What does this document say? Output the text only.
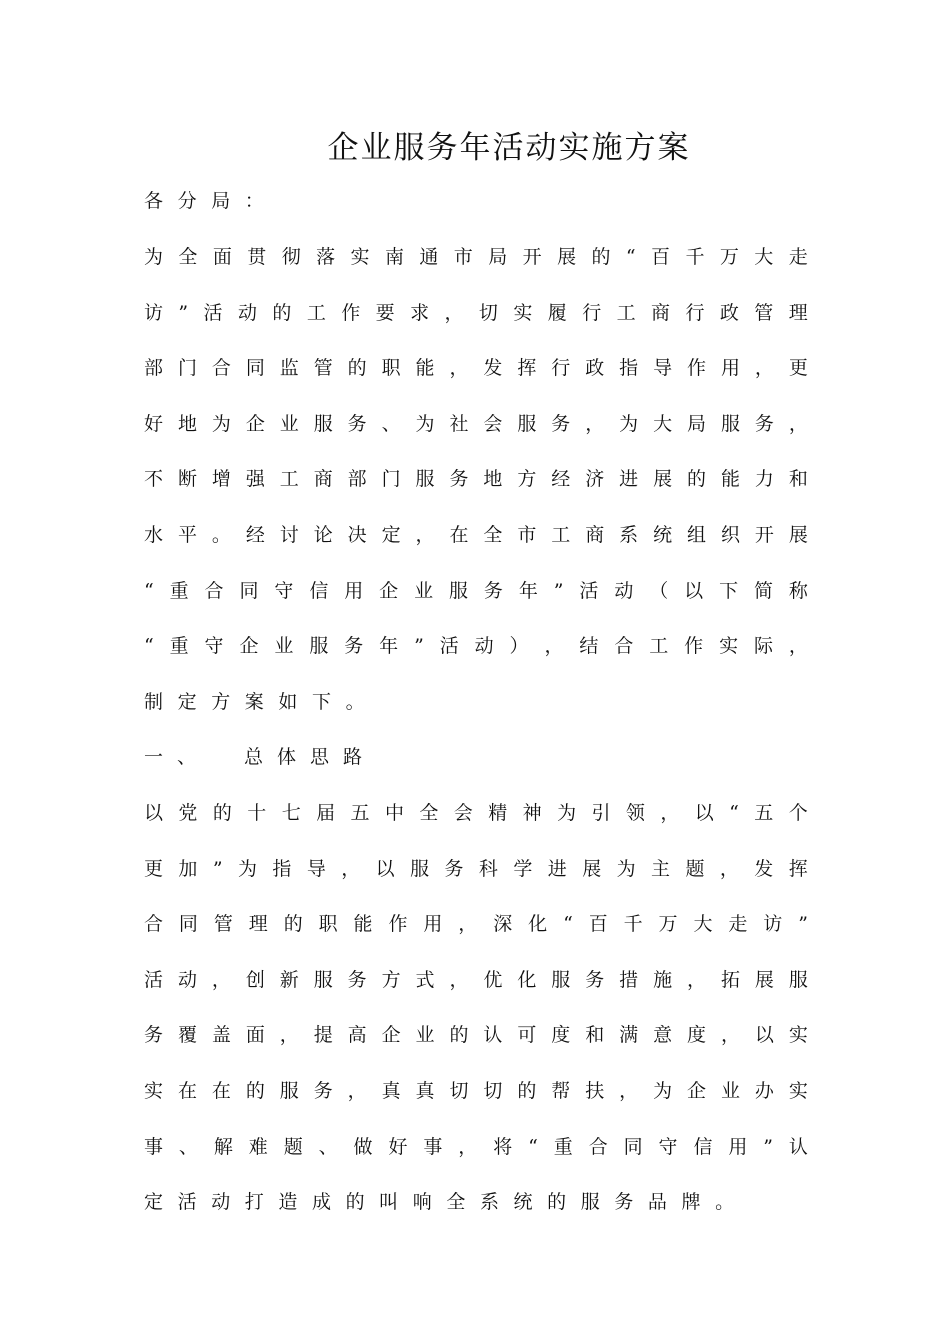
企业服务年活动实施方案
各 分 局 ：
为 全 面 贯 彻 落 实 南 通 市 局 开 展 的 “ 百 千 万 大 走
访 ” 活 动 的 工 作 要 求 ， 切 实 履 行 工 商 行 政 管 理
部 门 合 同 监 管 的 职 能 ， 发 挥 行 政 指 导 作 用 ， 更
好 地 为 企 业 服 务 、 为 社 会 服 务 ， 为 大 局 服 务 ，
不 断 增 强 工 商 部 门 服 务 地 方 经 济 进 展 的 能 力 和
水 平 。 经 讨 论 决 定 ， 在 全 市 工 商 系 统 组 织 开 展
“ 重 合 同 守 信 用 企 业 服 务 年 ” 活 动 （ 以 下 简 称
“ 重 守 企 业 服 务 年 ” 活 动 ） ， 结 合 工 作 实 际 ，
制 定 方 案 如 下 。
一、 总体思路
以 党 的 十 七 届 五 中 全 会 精 神 为 引 领 ， 以 “ 五 个
更 加 ” 为 指 导 ， 以 服 务 科 学 进 展 为 主 题 ， 发 挥
合 同 管 理 的 职 能 作 用 ， 深 化 “ 百 千 万 大 走 访 ”
活 动 ， 创 新 服 务 方 式 ， 优 化 服 务 措 施 ， 拓 展 服
务 覆 盖 面 ， 提 高 企 业 的 认 可 度 和 满 意 度 ， 以 实
实 在 在 的 服 务 ， 真 真 切 切 的 帮 扶 ， 为 企 业 办 实
事 、 解 难 题 、 做 好 事 ， 将 “ 重 合 同 守 信 用 ” 认
定 活 动 打 造 成 的 叫 响 全 系 统 的 服 务 品 牌 。
